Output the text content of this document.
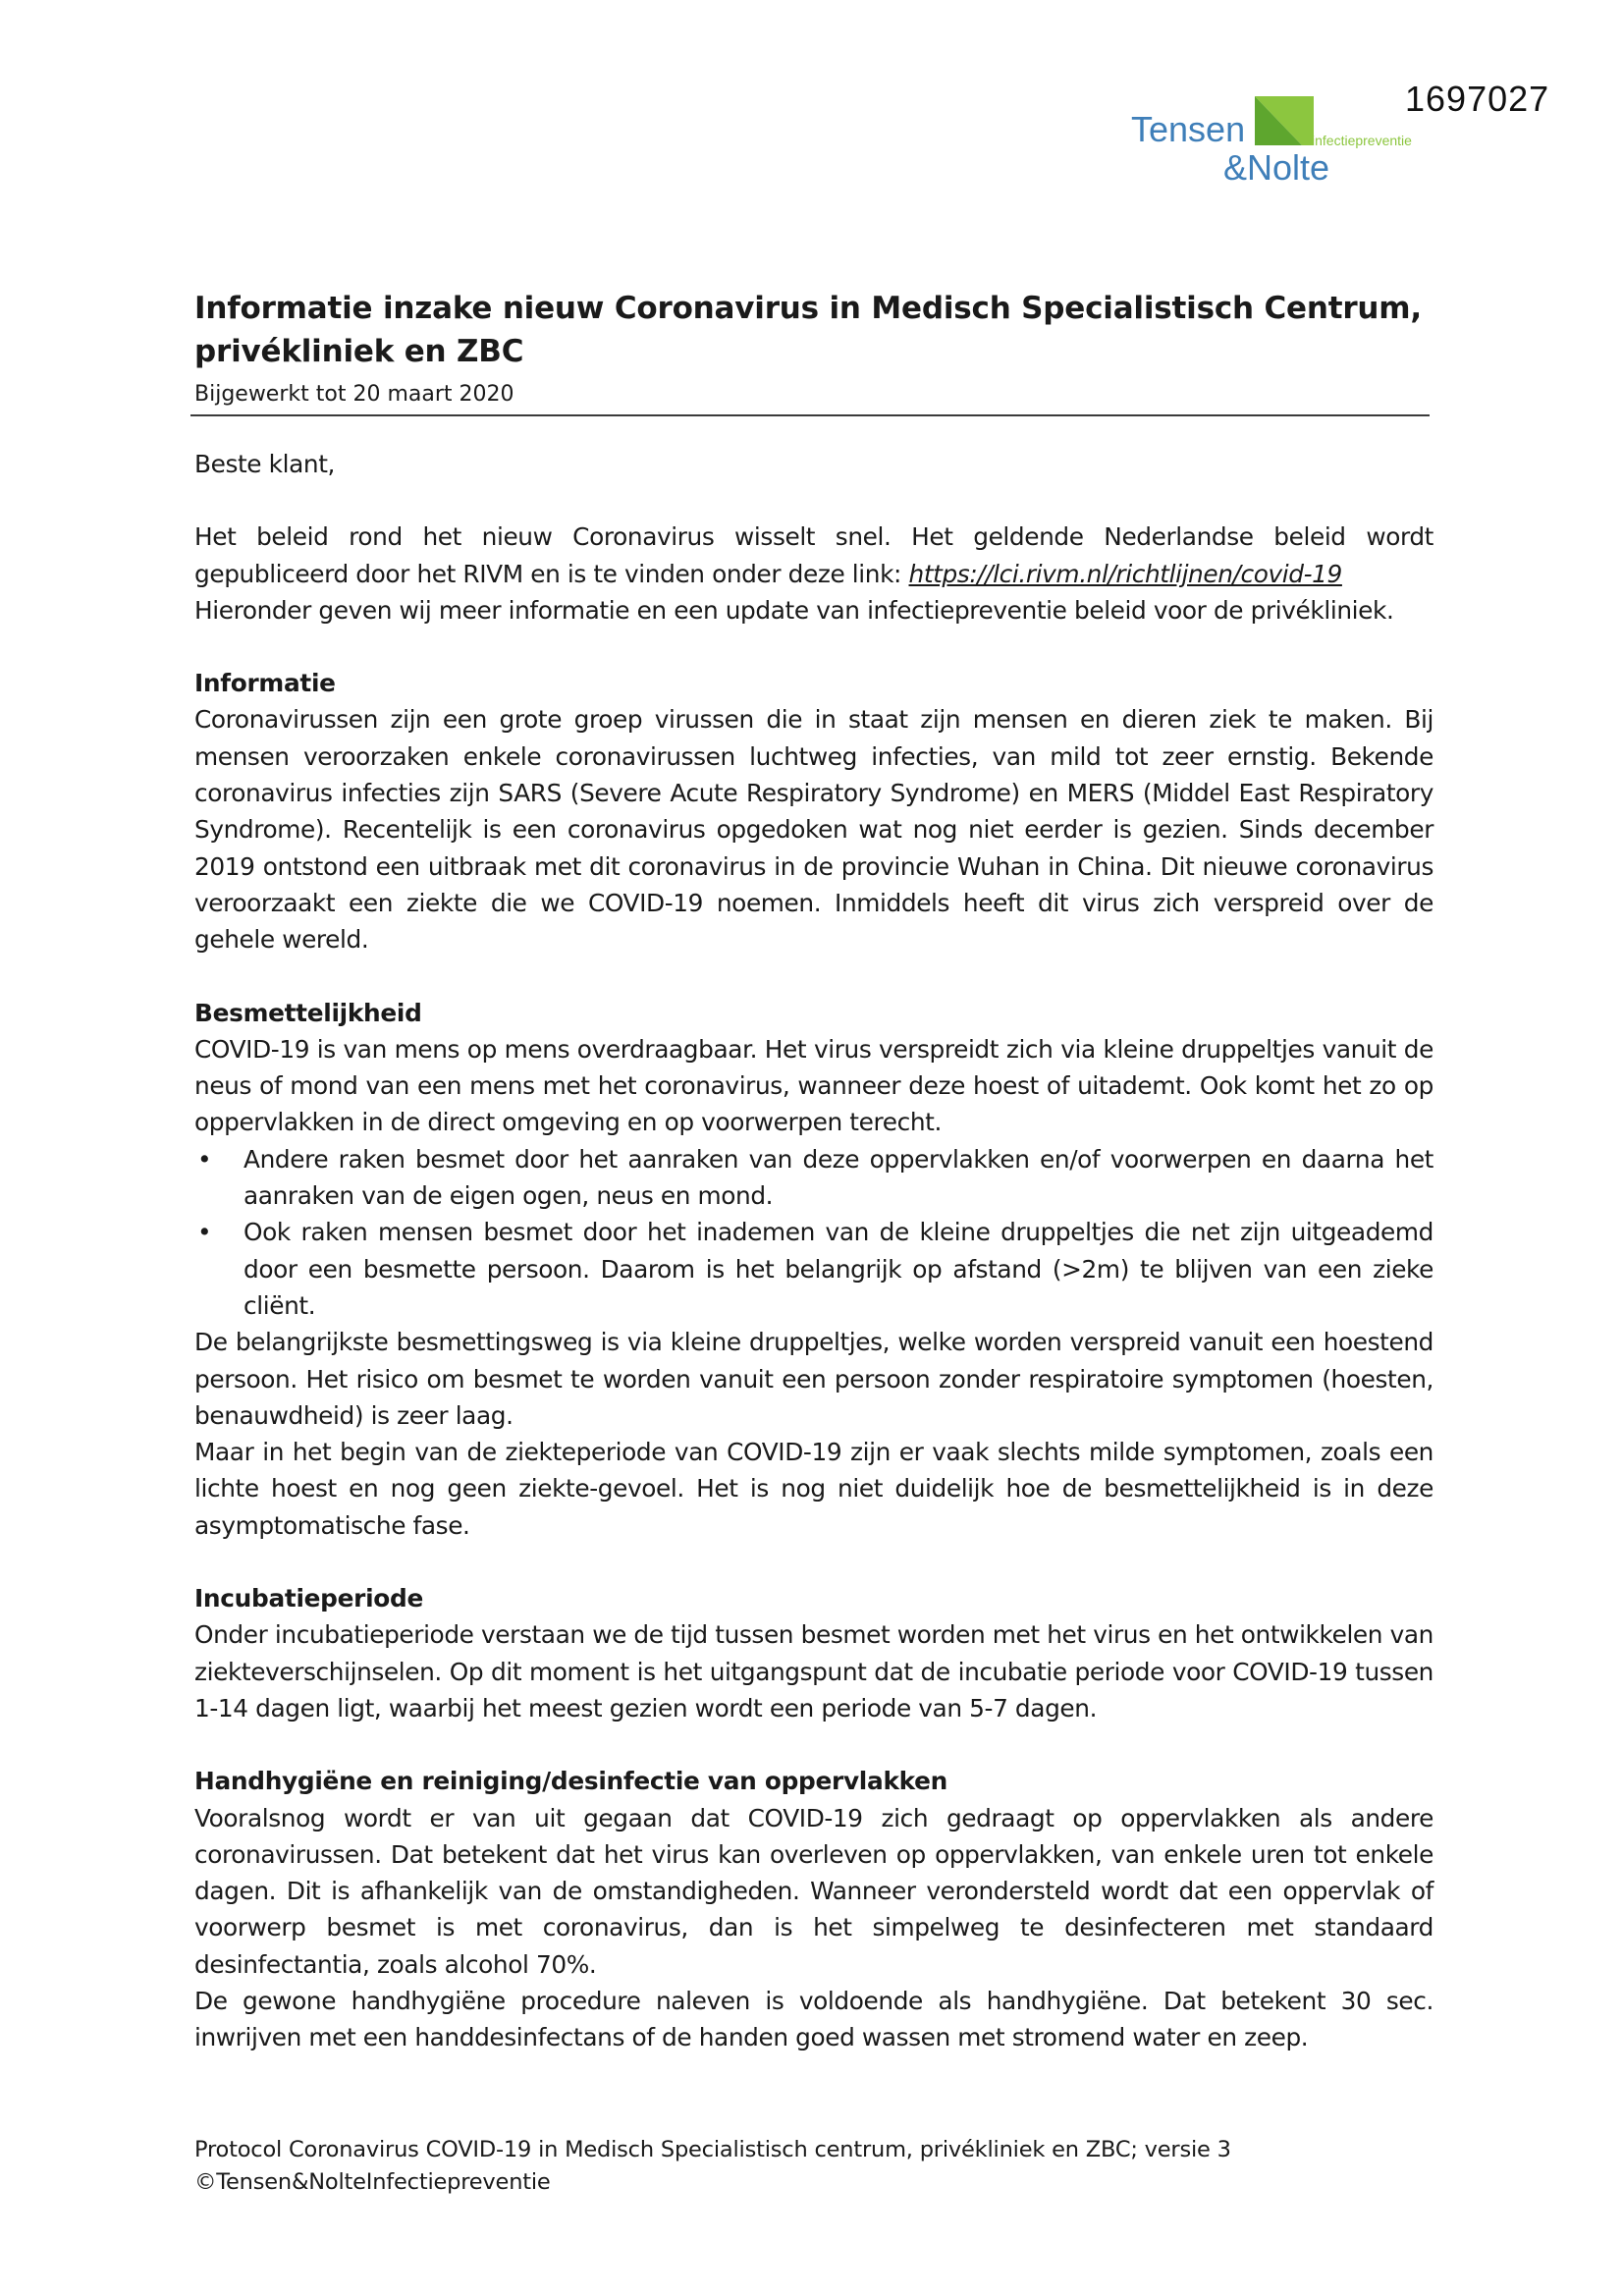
1697027
Tensen
&Nolte
infectiepreventie
Informatie inzake nieuw Coronavirus in Medisch Specialistisch Centrum, privékliniek en ZBC
Bijgewerkt tot 20 maart 2020

Beste klant,

Het beleid rond het nieuw Coronavirus wisselt snel. Het geldende Nederlandse beleid wordt gepubliceerd door het RIVM en is te vinden onder deze link: https://lci.rivm.nl/richtlijnen/covid-19
Hieronder geven wij meer informatie en een update van infectiepreventie beleid voor de privékliniek.

Informatie

Coronavirussen zijn een grote groep virussen die in staat zijn mensen en dieren ziek te maken. Bij mensen veroorzaken enkele coronavirussen luchtweg infecties, van mild tot zeer ernstig. Bekende coronavirus infecties zijn SARS (Severe Acute Respiratory Syndrome) en MERS (Middel East Respiratory Syndrome). Recentelijk is een coronavirus opgedoken wat nog niet eerder is gezien. Sinds december 2019 ontstond een uitbraak met dit coronavirus in de provincie Wuhan in China. Dit nieuwe coronavirus veroorzaakt een ziekte die we COVID-19 noemen. Inmiddels heeft dit virus zich verspreid over de gehele wereld.

Besmettelijkheid

COVID-19 is van mens op mens overdraagbaar. Het virus verspreidt zich via kleine druppeltjes vanuit de neus of mond van een mens met het coronavirus, wanneer deze hoest of uitademt. Ook komt het zo op oppervlakken in de direct omgeving en op voorwerpen terecht.

• Andere raken besmet door het aanraken van deze oppervlakken en/of voorwerpen en daarna het aanraken van de eigen ogen, neus en mond.
• Ook raken mensen besmet door het inademen van de kleine druppeltjes die net zijn uitgeademd door een besmette persoon. Daarom is het belangrijk op afstand (>2m) te blijven van een zieke cliënt.

De belangrijkste besmettingsweg is via kleine druppeltjes, welke worden verspreid vanuit een hoestend persoon. Het risico om besmet te worden vanuit een persoon zonder respiratoire symptomen (hoesten, benauwdheid) is zeer laag.

Maar in het begin van de ziekteperiode van COVID-19 zijn er vaak slechts milde symptomen, zoals een lichte hoest en nog geen ziekte-gevoel. Het is nog niet duidelijk hoe de besmettelijkheid is in deze asymptomatische fase.

Incubatieperiode

Onder incubatieperiode verstaan we de tijd tussen besmet worden met het virus en het ontwikkelen van ziekteverschijnselen. Op dit moment is het uitgangspunt dat de incubatie periode voor COVID-19 tussen 1-14 dagen ligt, waarbij het meest gezien wordt een periode van 5-7 dagen.

Handhygiëne en reiniging/desinfectie van oppervlakken

Vooralsnog wordt er van uit gegaan dat COVID-19 zich gedraagt op oppervlakken als andere coronavirussen. Dat betekent dat het virus kan overleven op oppervlakken, van enkele uren tot enkele dagen. Dit is afhankelijk van de omstandigheden. Wanneer verondersteld wordt dat een oppervlak of voorwerp besmet is met coronavirus, dan is het simpelweg te desinfecteren met standaard desinfectantia, zoals alcohol 70%.

De gewone handhygiëne procedure naleven is voldoende als handhygiëne. Dat betekent 30 sec. inwrijven met een handdesinfectans of de handen goed wassen met stromend water en zeep.

Protocol Coronavirus COVID-19 in Medisch Specialistisch centrum, privékliniek en ZBC; versie 3
©Tensen&NolteInfectiepreventie
